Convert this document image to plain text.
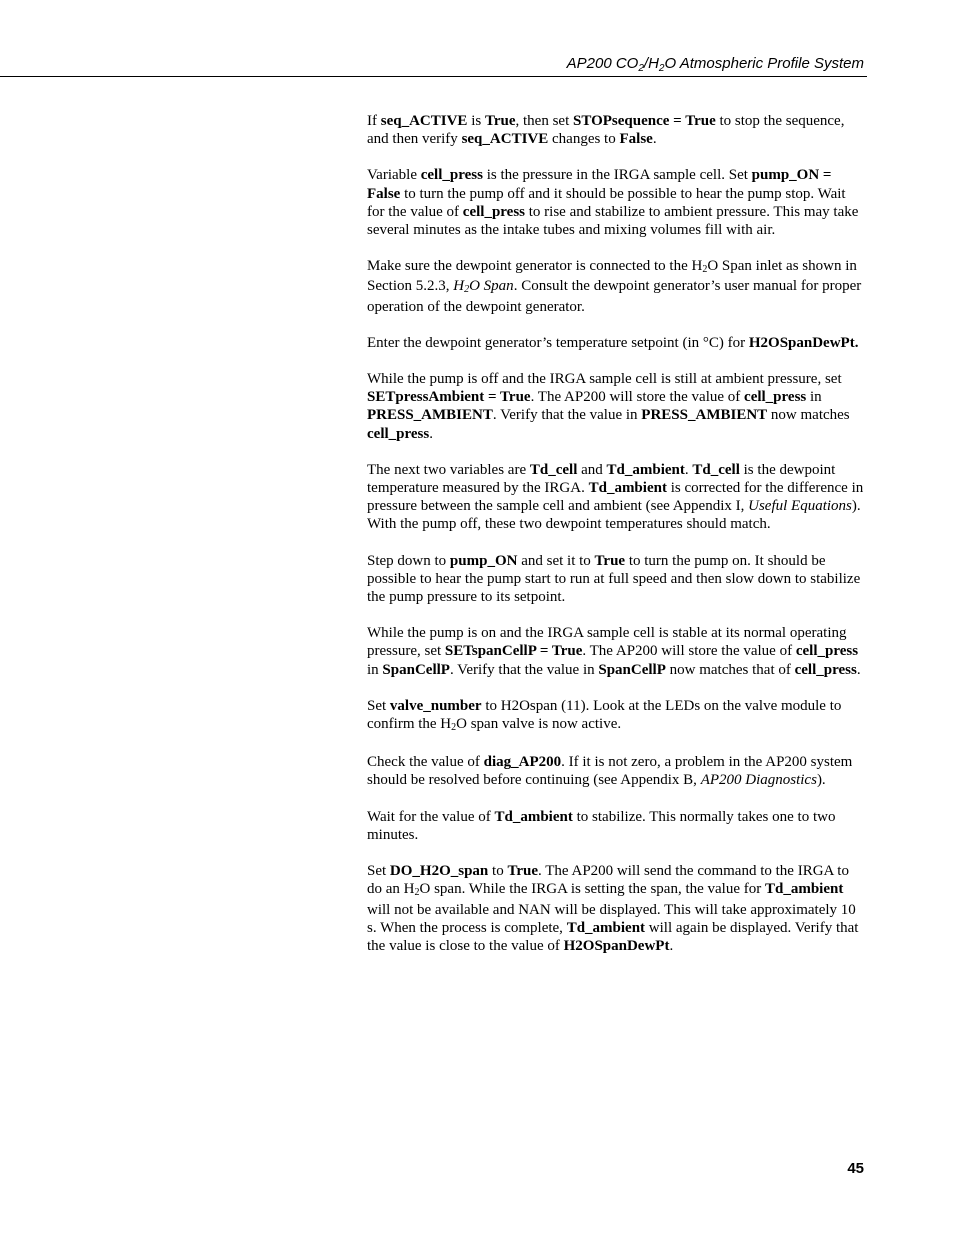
AP200 $CO_2/H_2O$ Atmospheric Profile System

If seq_ACTIVE is True, then set STOPsequence = True to stop the sequence, and then verify seq_ACTIVE changes to False.

Variable cell_press is the pressure in the IRGA sample cell. Set pump_ON = False to turn the pump off and it should be possible to hear the pump stop. Wait for the value of cell_press to rise and stabilize to ambient pressure. This may take several minutes as the intake tubes and mixing volumes fill with air.

Make sure the dewpoint generator is connected to the $H_2O$ Span inlet as shown in Section 5.2.3, $H_2O$ Span. Consult the dewpoint generator’s user manual for proper operation of the dewpoint generator.

Enter the dewpoint generator’s temperature setpoint (in °C) for H2OSpanDewPt.

While the pump is off and the IRGA sample cell is still at ambient pressure, set SETpressAmbient = True. The AP200 will store the value of cell_press in PRESS_AMBIENT. Verify that the value in PRESS_AMBIENT now matches cell_press.

The next two variables are Td_cell and Td_ambient. Td_cell is the dewpoint temperature measured by the IRGA. Td_ambient is corrected for the difference in pressure between the sample cell and ambient (see Appendix I, Useful Equations). With the pump off, these two dewpoint temperatures should match.

Step down to pump_ON and set it to True to turn the pump on. It should be possible to hear the pump start to run at full speed and then slow down to stabilize the pump pressure to its setpoint.

While the pump is on and the IRGA sample cell is stable at its normal operating pressure, set SETspanCellP = True. The AP200 will store the value of cell_press in SpanCellP. Verify that the value in SpanCellP now matches that of cell_press.

Set valve_number to H2Ospan (11). Look at the LEDs on the valve module to confirm the $H_2O$ span valve is now active.

Check the value of diag_AP200. If it is not zero, a problem in the AP200 system should be resolved before continuing (see Appendix B, AP200 Diagnostics).

Wait for the value of Td_ambient to stabilize. This normally takes one to two minutes.

Set DO_H2O_span to True. The AP200 will send the command to the IRGA to do an $H_2O$ span. While the IRGA is setting the span, the value for Td_ambient will not be available and NAN will be displayed. This will take approximately 10 s. When the process is complete, Td_ambient will again be displayed. Verify that the value is close to the value of H2OSpanDewPt.

45
